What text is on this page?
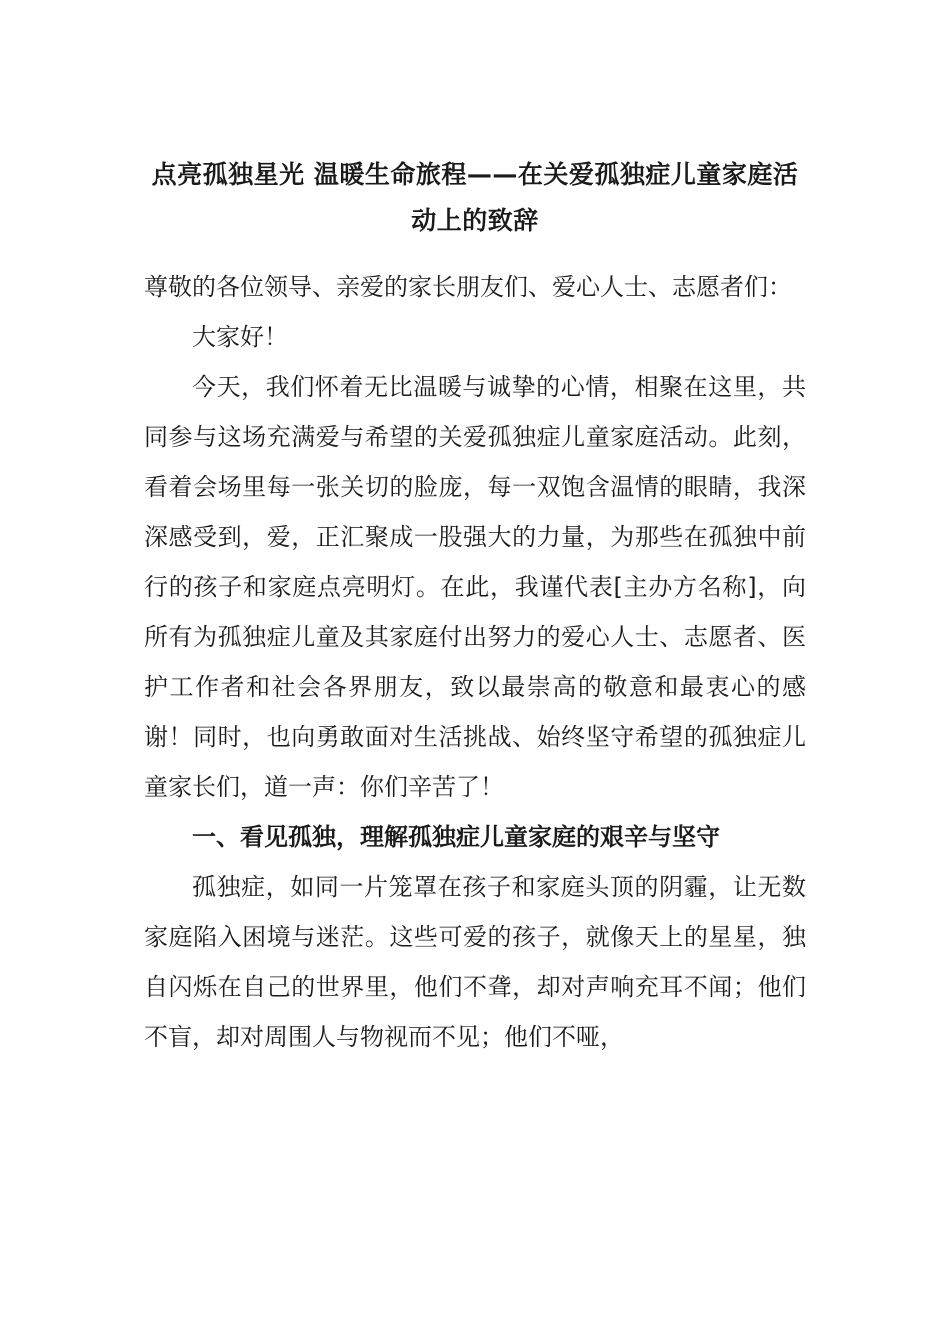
点亮孤独星光 温暖生命旅程——在关爱孤独症儿童家庭活动上的致辞

尊敬的各位领导、亲爱的家长朋友们、爱心人士、志愿者们：

大家好！

今天，我们怀着无比温暖与诚挚的心情，相聚在这里，共同参与这场充满爱与希望的关爱孤独症儿童家庭活动。此刻，看着会场里每一张关切的脸庞，每一双饱含温情的眼睛，我深深感受到，爱，正汇聚成一股强大的力量，为那些在孤独中前行的孩子和家庭点亮明灯。在此，我谨代表[主办方名称]，向所有为孤独症儿童及其家庭付出努力的爱心人士、志愿者、医护工作者和社会各界朋友，致以最崇高的敬意和最衷心的感谢！同时，也向勇敢面对生活挑战、始终坚守希望的孤独症儿童家长们，道一声：你们辛苦了！

一、看见孤独，理解孤独症儿童家庭的艰辛与坚守

孤独症，如同一片笼罩在孩子和家庭头顶的阴霾，让无数家庭陷入困境与迷茫。这些可爱的孩子，就像天上的星星，独自闪烁在自己的世界里，他们不聋，却对声响充耳不闻；他们不盲，却对周围人与物视而不见；他们不哑，
